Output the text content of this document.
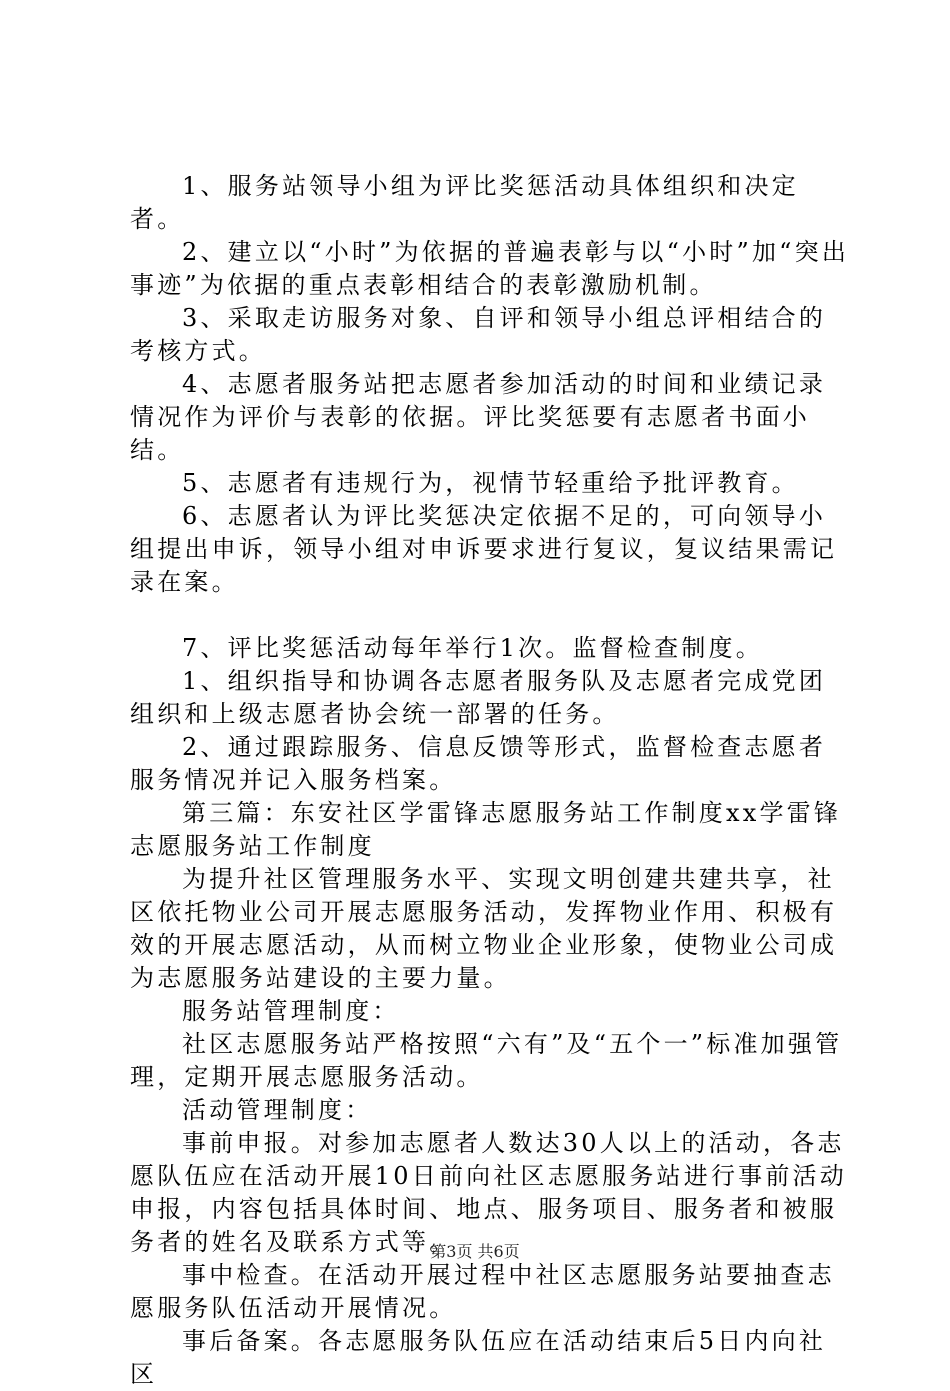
1、服务站领导小组为评比奖惩活动具体组织和决定者。

2、建立以“小时”为依据的普遍表彰与以“小时”加“突出事迹”为依据的重点表彰相结合的表彰激励机制。

3、采取走访服务对象、自评和领导小组总评相结合的考核方式。

4、志愿者服务站把志愿者参加活动的时间和业绩记录情况作为评价与表彰的依据。评比奖惩要有志愿者书面小结。

5、志愿者有违规行为，视情节轻重给予批评教育。

6、志愿者认为评比奖惩决定依据不足的，可向领导小组提出申诉，领导小组对申诉要求进行复议，复议结果需记录在案。

7、评比奖惩活动每年举行1次。监督检查制度。

1、组织指导和协调各志愿者服务队及志愿者完成党团组织和上级志愿者协会统一部署的任务。

2、通过跟踪服务、信息反馈等形式，监督检查志愿者服务情况并记入服务档案。

第三篇：东安社区学雷锋志愿服务站工作制度xx学雷锋志愿服务站工作制度

为提升社区管理服务水平、实现文明创建共建共享，社区依托物业公司开展志愿服务活动，发挥物业作用、积极有效的开展志愿活动，从而树立物业企业形象，使物业公司成为志愿服务站建设的主要力量。

服务站管理制度：

社区志愿服务站严格按照“六有”及“五个一”标准加强管理，定期开展志愿服务活动。

活动管理制度：

事前申报。对参加志愿者人数达30人以上的活动，各志愿队伍应在活动开展10日前向社区志愿服务站进行事前活动申报，内容包括具体时间、地点、服务项目、服务者和被服务者的姓名及联系方式等。

事中检查。在活动开展过程中社区志愿服务站要抽查志愿服务队伍活动开展情况。

事后备案。各志愿服务队伍应在活动结束后5日内向社区

第3页 共6页
